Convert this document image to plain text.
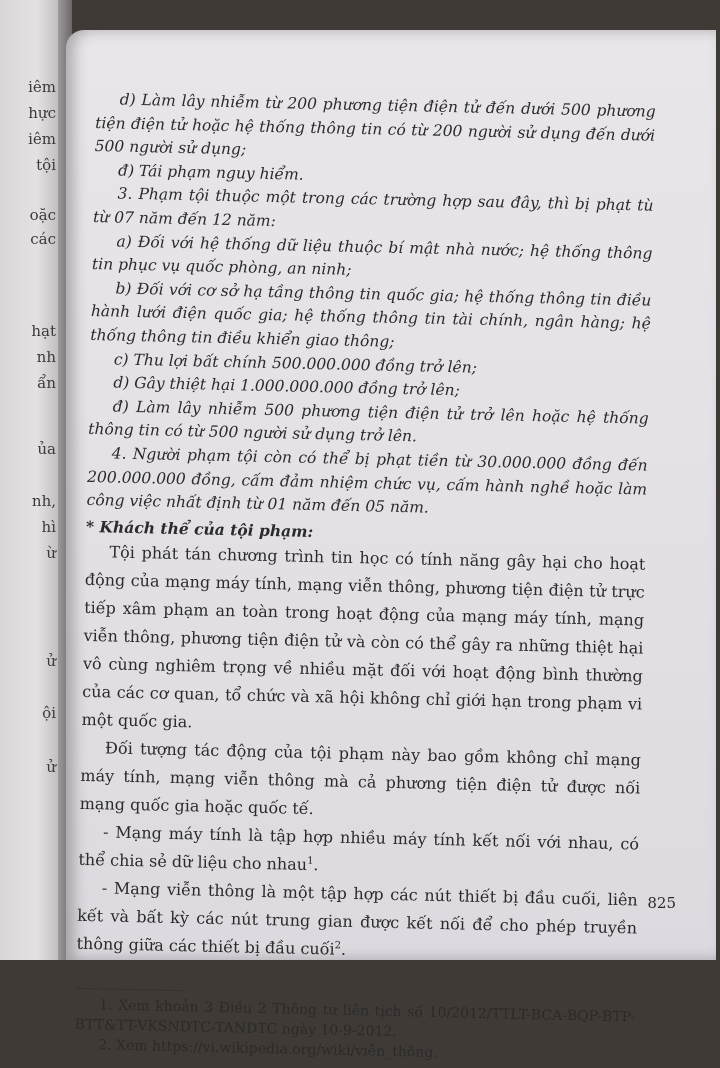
iêm
hực
iêm
tội
oặc
các
hạt
nh
ẩn
ủa
nh,
hì
ừ
ử
ội
ử

d) Làm lây nhiễm từ 200 phương tiện điện tử đến dưới 500 phương tiện điện tử hoặc hệ thống thông tin có từ 200 người sử dụng đến dưới 500 người sử dụng;

đ) Tái phạm nguy hiểm.

3. Phạm tội thuộc một trong các trường hợp sau đây, thì bị phạt tù từ 07 năm đến 12 năm:

a) Đối với hệ thống dữ liệu thuộc bí mật nhà nước; hệ thống thông tin phục vụ quốc phòng, an ninh;

b) Đối với cơ sở hạ tầng thông tin quốc gia; hệ thống thông tin điều hành lưới điện quốc gia; hệ thống thông tin tài chính, ngân hàng; hệ thống thông tin điều khiển giao thông;

c) Thu lợi bất chính 500.000.000 đồng trở lên;

d) Gây thiệt hại 1.000.000.000 đồng trở lên;

đ) Làm lây nhiễm 500 phương tiện điện tử trở lên hoặc hệ thống thông tin có từ 500 người sử dụng trở lên.

4. Người phạm tội còn có thể bị phạt tiền từ 30.000.000 đồng đến 200.000.000 đồng, cấm đảm nhiệm chức vụ, cấm hành nghề hoặc làm công việc nhất định từ 01 năm đến 05 năm.

* Khách thể của tội phạm:

Tội phát tán chương trình tin học có tính năng gây hại cho hoạt động của mạng máy tính, mạng viễn thông, phương tiện điện tử trực tiếp xâm phạm an toàn trong hoạt động của mạng máy tính, mạng viễn thông, phương tiện điện tử và còn có thể gây ra những thiệt hại vô cùng nghiêm trọng về nhiều mặt đối với hoạt động bình thường của các cơ quan, tổ chức và xã hội không chỉ giới hạn trong phạm vi một quốc gia.

Đối tượng tác động của tội phạm này bao gồm không chỉ mạng máy tính, mạng viễn thông mà cả phương tiện điện tử được nối mạng quốc gia hoặc quốc tế.

- Mạng máy tính là tập hợp nhiều máy tính kết nối với nhau, có thể chia sẻ dữ liệu cho nhau$^1$.

- Mạng viễn thông là một tập hợp các nút thiết bị đầu cuối, liên kết và bất kỳ các nút trung gian được kết nối để cho phép truyền thông giữa các thiết bị đầu cuối$^2$.

1. Xem khoản 3 Điều 2 Thông tư liên tịch số 10/2012/TTLT-BCA-BQP-BTP-BTT&TT-VKSNDTC-TANDTC ngày 10-9-2012.

2. Xem https://vi.wikipedia.org/wiki/viễn_thông.

825
